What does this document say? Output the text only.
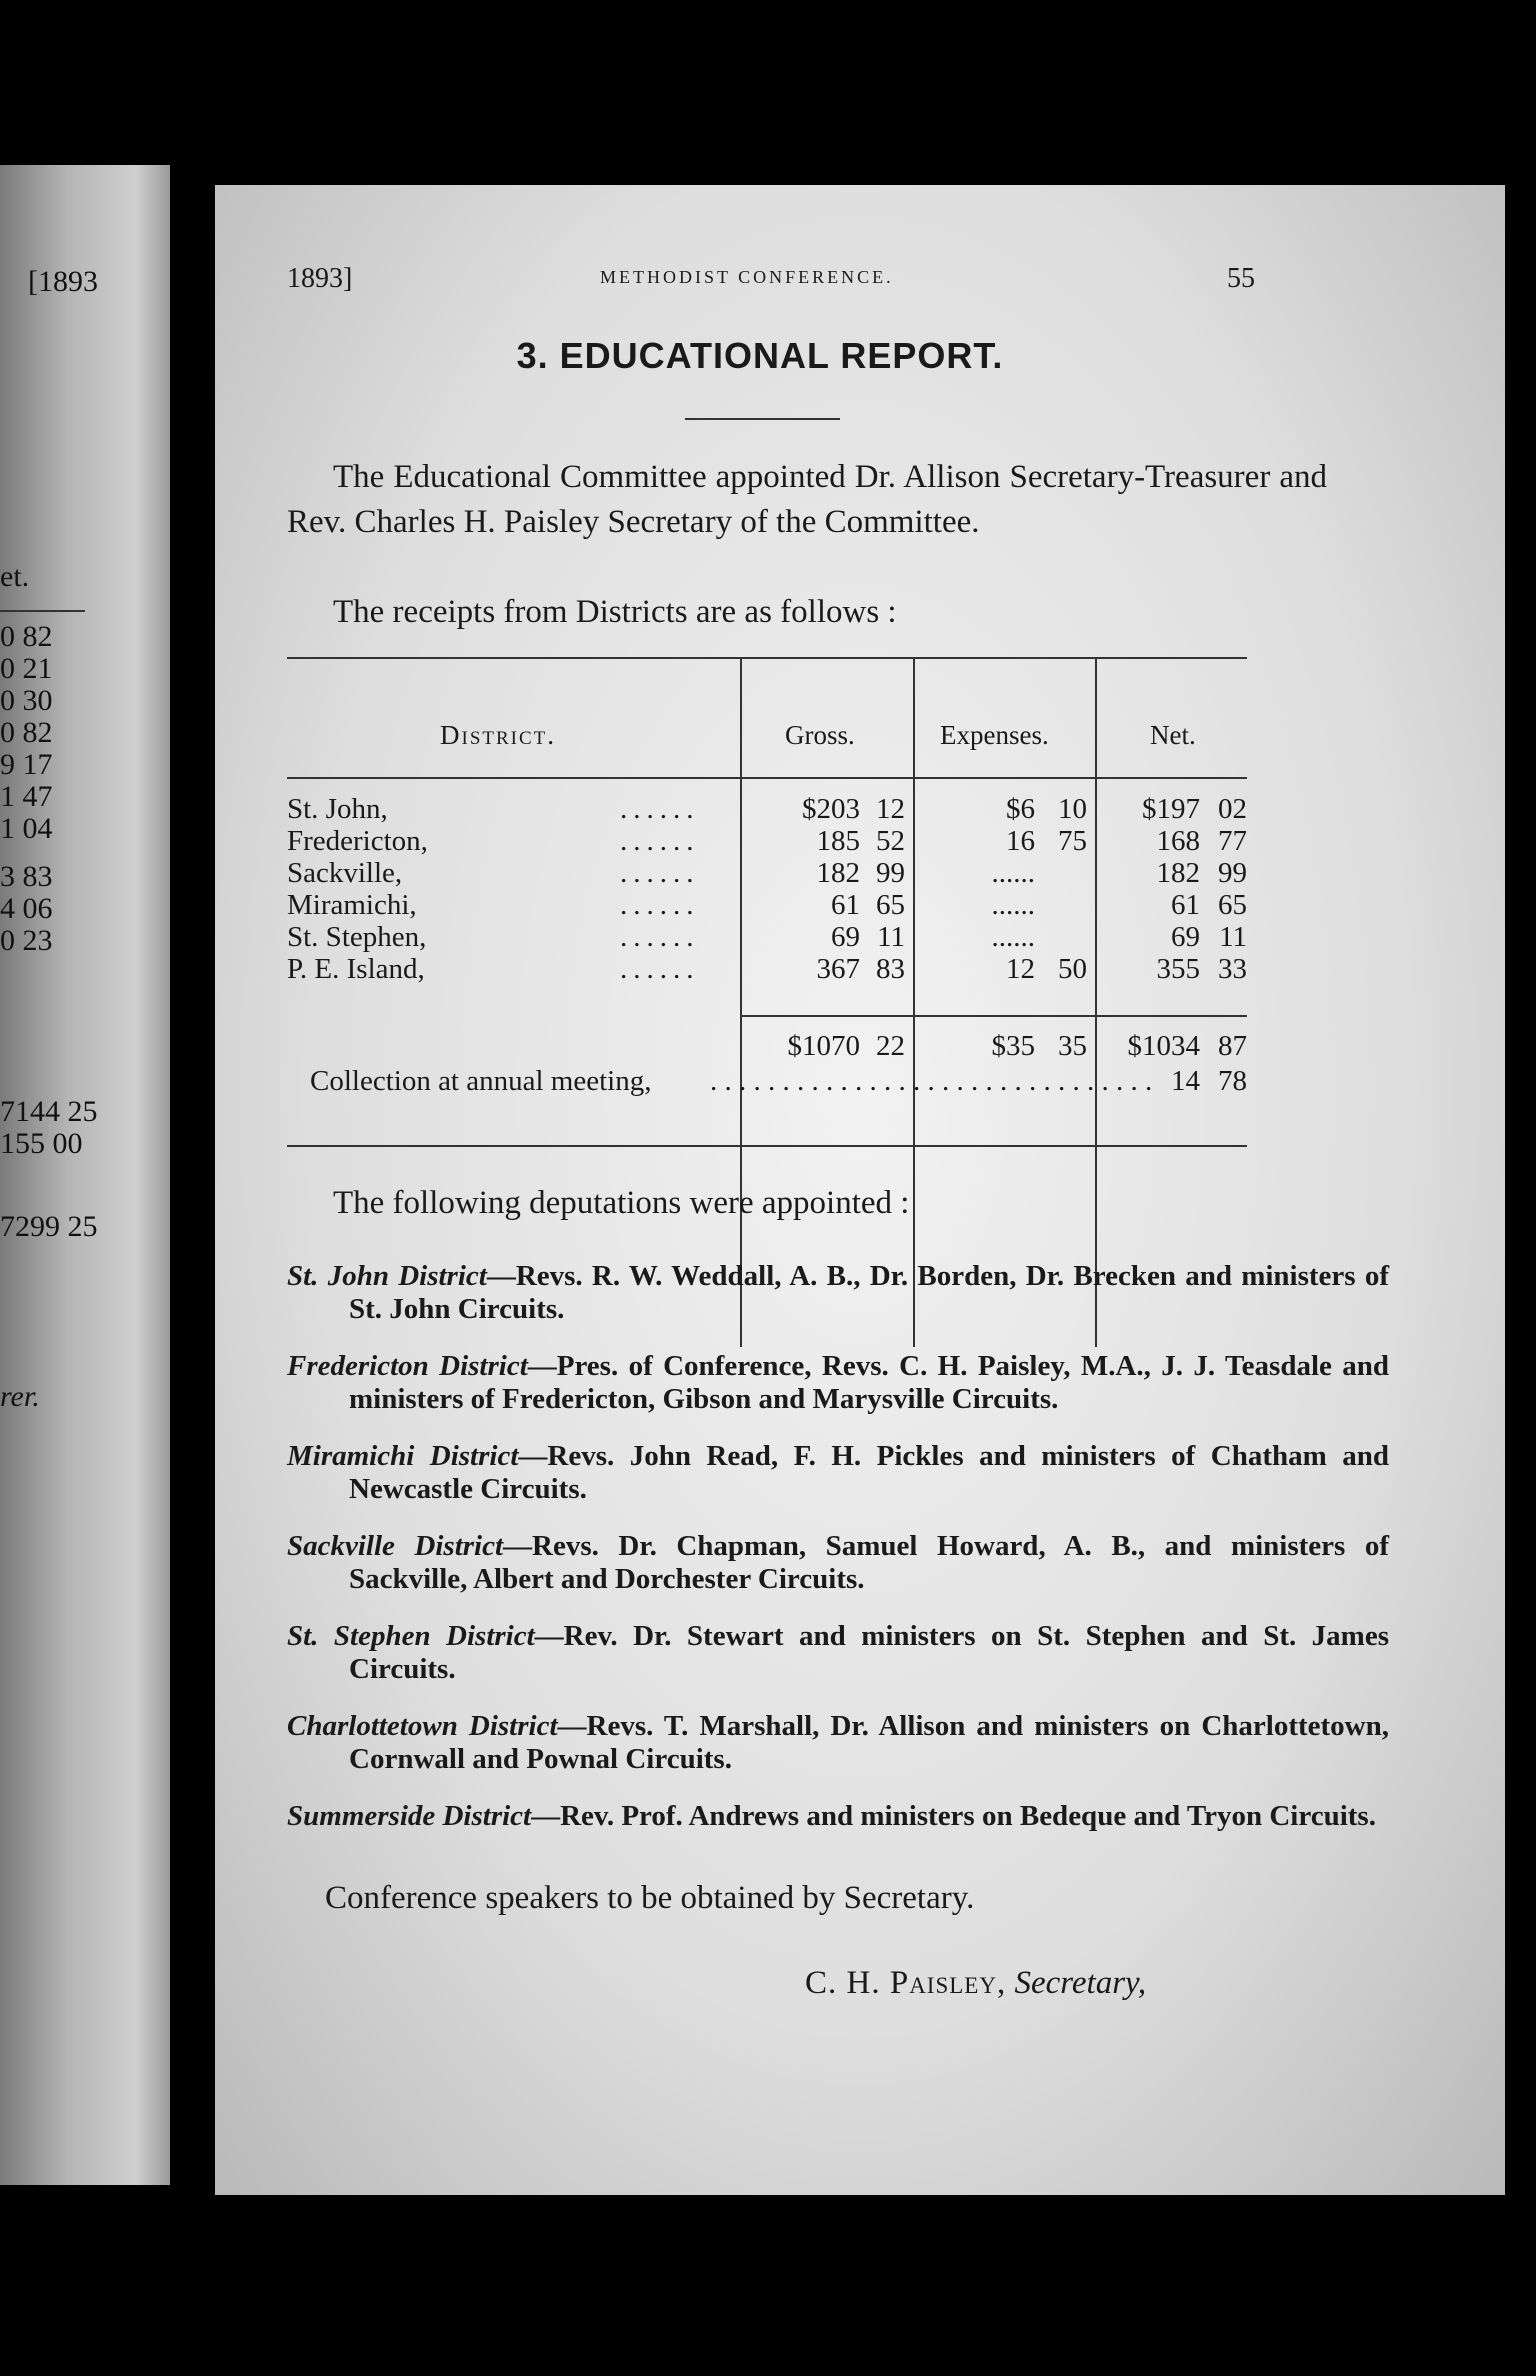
[1893
et.
0 82
0 21
0 30
0 82
9 17
1 47
1 04
3 83
4 06
0 23
7144 25
155 00
7299 25
rer.
1893]	METHODIST CONFERENCE.	55
3. EDUCATIONAL REPORT.
The Educational Committee appointed Dr. Allison Secretary-Treasurer and Rev. Charles H. Paisley Secretary of the Committee.
The receipts from Districts are as follows :
District.	Gross.	Expenses.	Net.
St. John,	......	$203 12	$6 10	$197 02
Fredericton,	......	185 52	16 75	168 77
Sackville,	......	182 99	......	182 99
Miramichi,	......	61 65	......	61 65
St. Stephen,	......	69 11	......	69 11
P. E. Island,	......	367 83	12 50	355 33
$1070 22	$35 35	$1034 87
Collection at annual meeting, . . . . . . . . . . . . . . . . . . . . . . . . . . . . . . . 14 78
The following deputations were appointed :
St. John District—Revs. R. W. Weddall, A. B., Dr. Borden, Dr. Brecken and ministers of St. John Circuits.
Fredericton District—Pres. of Conference, Revs. C. H. Paisley, M.A., J. J. Teasdale and ministers of Fredericton, Gibson and Marysville Circuits.
Miramichi District—Revs. John Read, F. H. Pickles and ministers of Chatham and Newcastle Circuits.
Sackville District—Revs. Dr. Chapman, Samuel Howard, A. B., and ministers of Sackville, Albert and Dorchester Circuits.
St. Stephen District—Rev. Dr. Stewart and ministers on St. Stephen and St. James Circuits.
Charlottetown District—Revs. T. Marshall, Dr. Allison and ministers on Charlottetown, Cornwall and Pownal Circuits.
Summerside District—Rev. Prof. Andrews and ministers on Bedeque and Tryon Circuits.
Conference speakers to be obtained by Secretary.
C. H. Paisley, Secretary,
